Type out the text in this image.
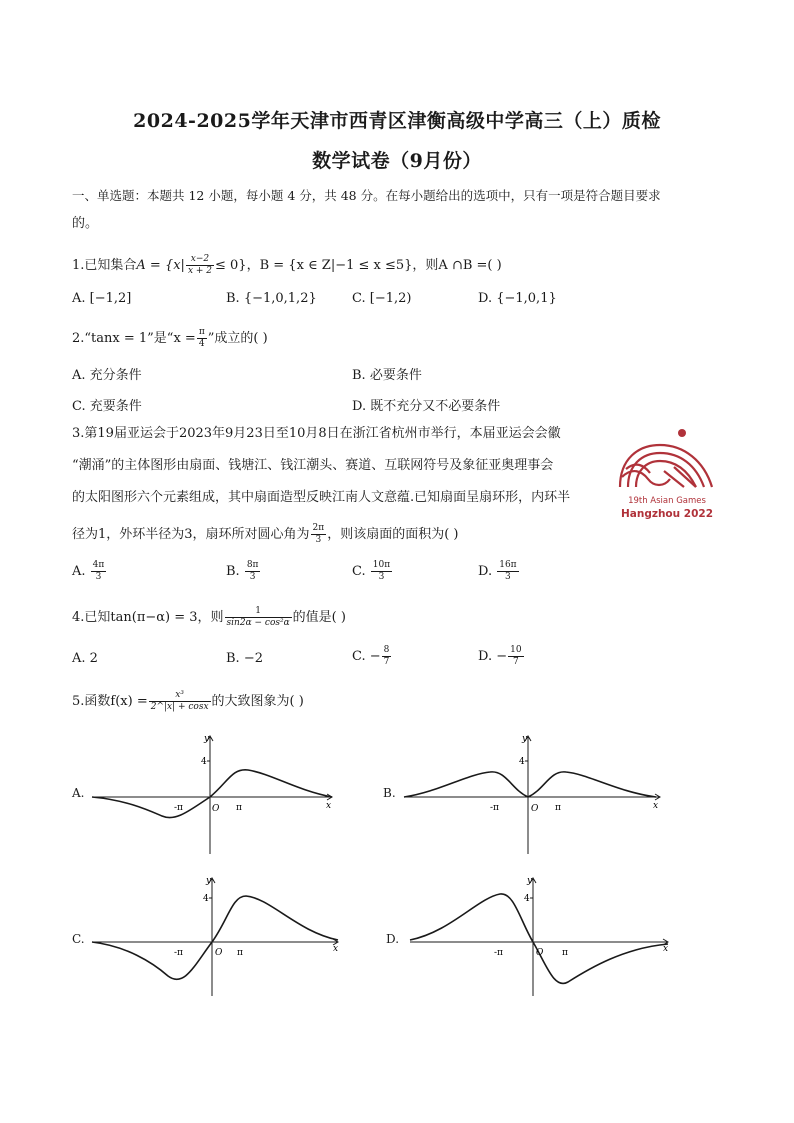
2024-2025学年天津市西青区津衡高级中学高三（上）质检
数学试卷（9月份）
一、单选题：本题共 12 小题，每小题 4 分，共 48 分。在每小题给出的选项中，只有一项是符合题目要求
的。
1.已知集合$A = \{x| \frac{x-2}{x + 2} \le 0\}$，B = {x ∈ Z|−1 ≤ x ≤5}，则A ∩B =( )
A. [−1,2]	B. {−1,0,1,2}	C. [−1,2)	D. {−1,0,1}
2.“tanx = 1”是“$x = \frac{\pi}{4}$ ”成立的( )
A. 充分条件	B. 必要条件
C. 充要条件	D. 既不充分又不必要条件
3.第19届亚运会于2023年9月23日至10月8日在浙江省杭州市举行，本届亚运会会徽
“潮涌”的主体图形由扇面、钱塘江、钱江潮头、赛道、互联网符号及象征亚奥理事会
的太阳图形六个元素组成，其中扇面造型反映江南人文意蕴.已知扇面呈扇环形，内环半
径为1，外环半径为3，扇环所对圆心角为 $\frac{2\pi}{3}$ ，则该扇面的面积为( )
19th Asian Games
Hangzhou 2022
A. $\frac{4\pi}{3}$	B. $\frac{8\pi}{3}$	C. $\frac{10\pi}{3}$	D. $\frac{16\pi}{3}$
4.已知tan(π−α) = 3，则 $\frac{1}{\text{sin2α − cos²α}}$ 的值是( )
A. 2	B. −2	C. − $\frac{8}{7}$	D. − $\frac{10}{7}$
5.函数$f(x) = \frac{\text{x³}}{2\^{}|x| + \cos x}$ 的大致图象为( )
A.
y
4
x
O
-π	π
B.
y
4
x
O
-π	π
C.
y
4
x
O
-π	π
D.
y
4
x
O
-π	π
